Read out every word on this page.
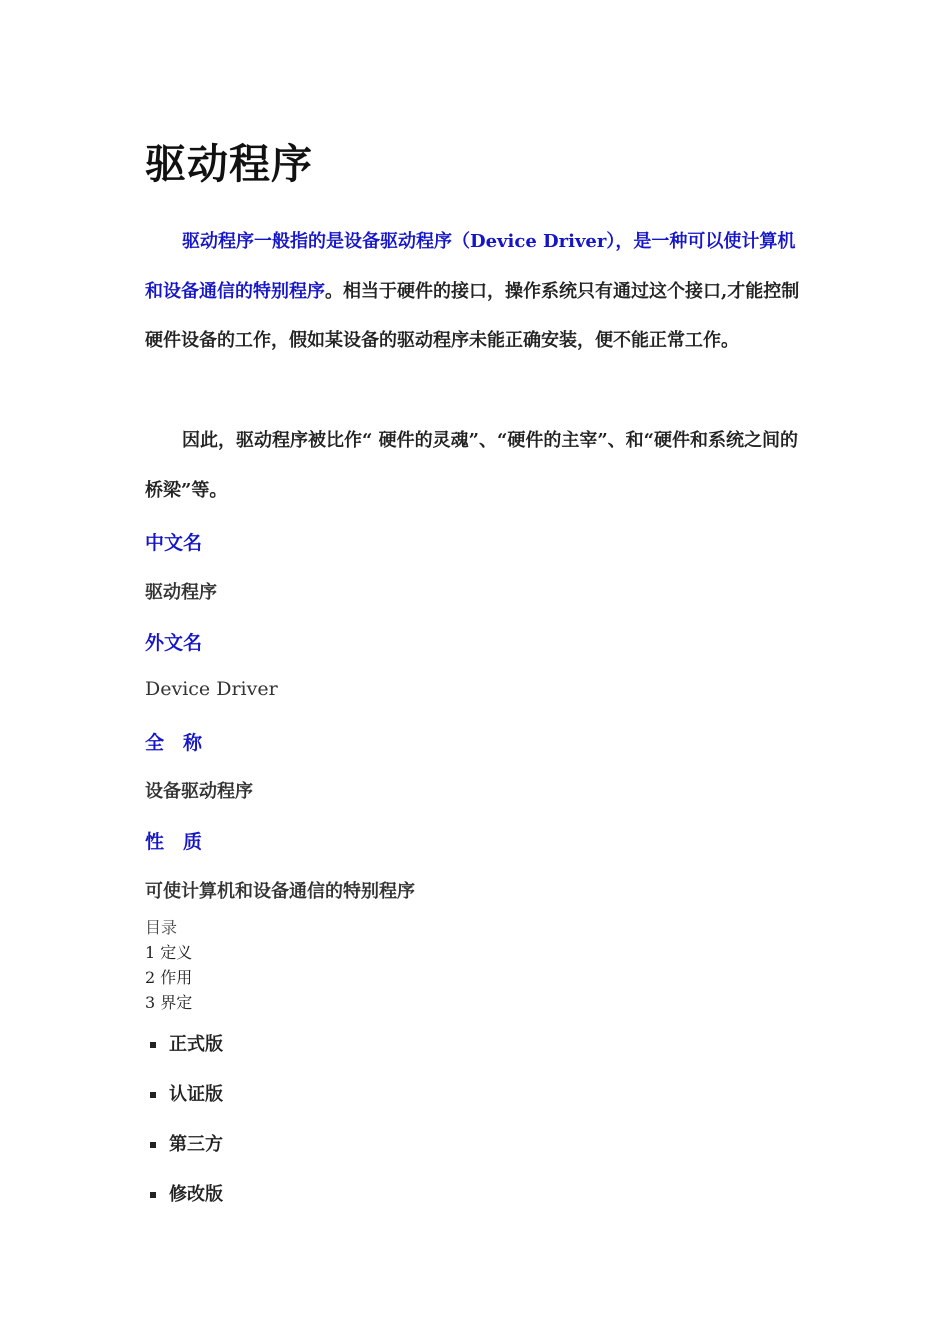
驱动程序

驱动程序一般指的是设备驱动程序（Device Driver），是一种可以使计算机和设备通信的特别程序。相当于硬件的接口，操作系统只有通过这个接口,才能控制硬件设备的工作，假如某设备的驱动程序未能正确安装，便不能正常工作。

因此，驱动程序被比作“ 硬件的灵魂”、“硬件的主宰”、和“硬件和系统之间的桥梁”等。

中文名

驱动程序

外文名

Device Driver

全　称

设备驱动程序

性　质

可使计算机和设备通信的特别程序

目录

1 定义
2 作用
3 界定
正式版
认证版
第三方
修改版
